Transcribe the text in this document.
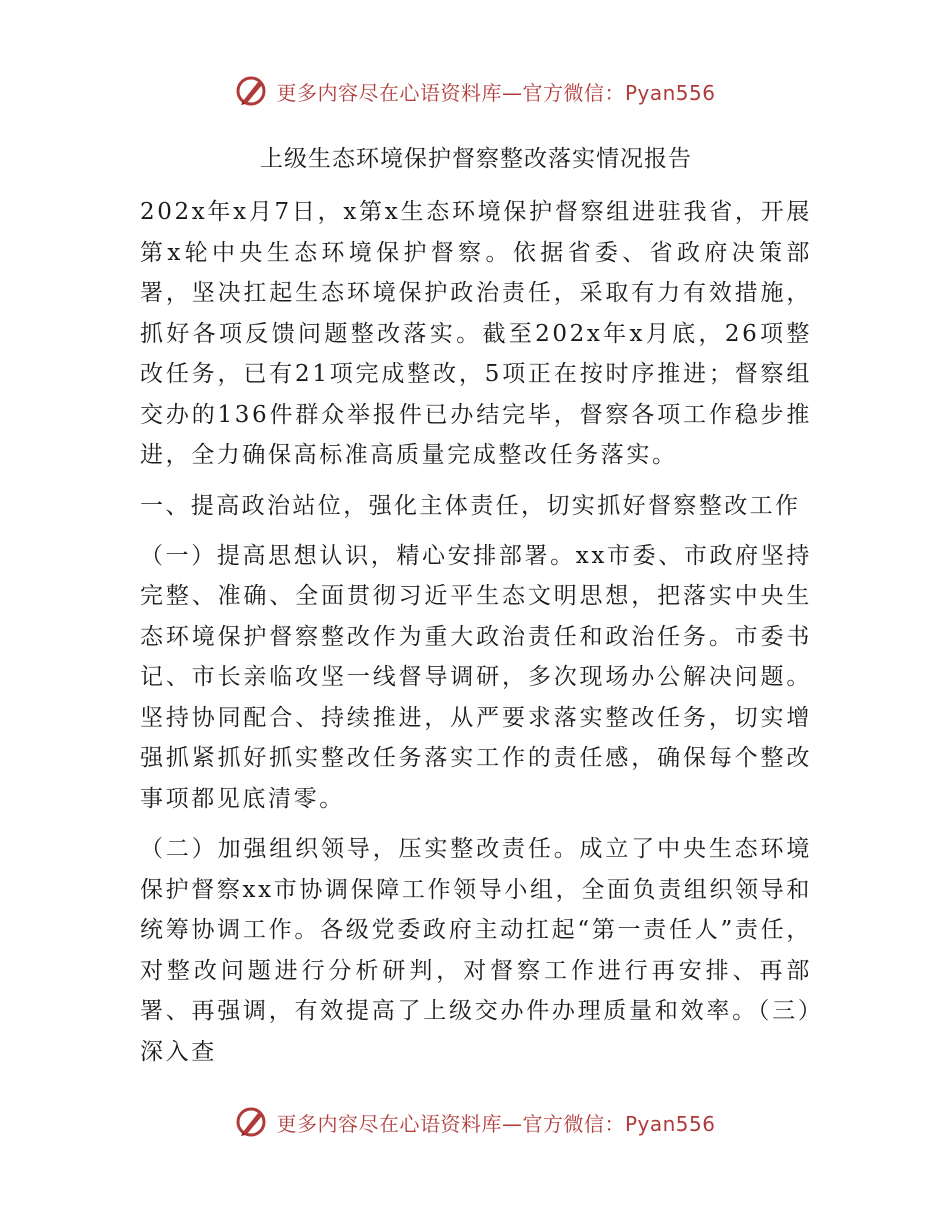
更多内容尽在心语资料库—官方微信：Pyan556
上级生态环境保护督察整改落实情况报告
202x年x月7日，x第x生态环境保护督察组进驻我省，开展第x轮中央生态环境保护督察。依据省委、省政府决策部署，坚决扛起生态环境保护政治责任，采取有力有效措施，抓好各项反馈问题整改落实。截至202x年x月底，26项整改任务，已有21项完成整改，5项正在按时序推进；督察组交办的136件群众举报件已办结完毕，督察各项工作稳步推进，全力确保高标准高质量完成整改任务落实。
一、提高政治站位，强化主体责任，切实抓好督察整改工作
（一）提高思想认识，精心安排部署。xx市委、市政府坚持完整、准确、全面贯彻习近平生态文明思想，把落实中央生态环境保护督察整改作为重大政治责任和政治任务。市委书记、市长亲临攻坚一线督导调研，多次现场办公解决问题。坚持协同配合、持续推进，从严要求落实整改任务，切实增强抓紧抓好抓实整改任务落实工作的责任感，确保每个整改事项都见底清零。
（二）加强组织领导，压实整改责任。成立了中央生态环境保护督察xx市协调保障工作领导小组，全面负责组织领导和统筹协调工作。各级党委政府主动扛起“第一责任人”责任，对整改问题进行分析研判，对督察工作进行再安排、再部署、再强调，有效提高了上级交办件办理质量和效率。（三）深入查
更多内容尽在心语资料库—官方微信：Pyan556
